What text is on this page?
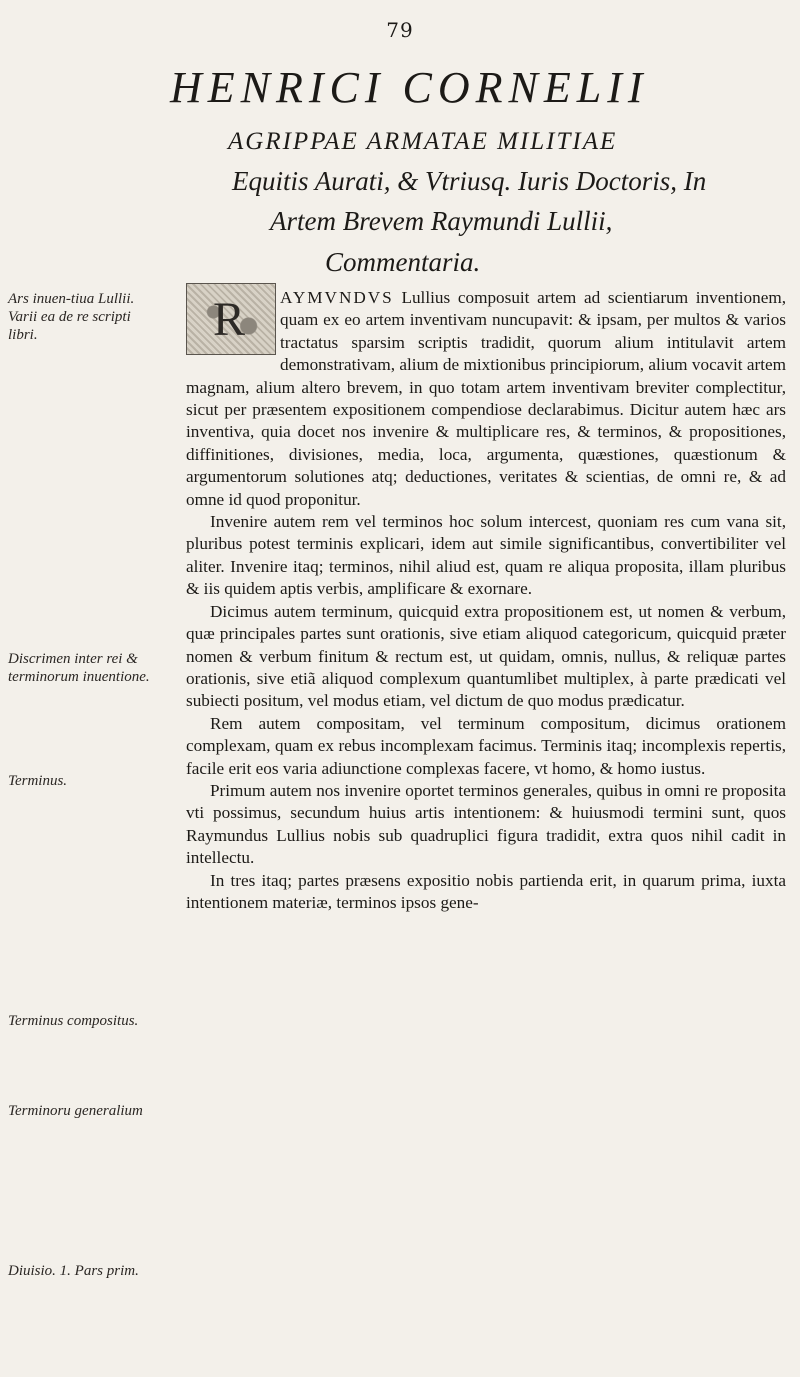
79
HENRICI CORNELII
AGRIPPAE ARMATAE MILITIAE
Equitis Aurati, & Vtriusq. Iuris Doctoris, In
Artem Brevem Raymundi Lullii,
Commentaria.
Ars inuen-tiua Lullii. Varii ea de re scripti libri.
Discrimen inter rei & terminorum inuentione.
Terminus.
Terminus compositus.
Terminoru generalium
Diuisio. 1. Pars prim.

AYMVNDVS Lullius composuit artem ad scientiarum inventionem, quam ex eo artem inventivam nuncupavit: & ipsam, per multos & varios tractatus sparsim scriptis tradidit, quorum alium intitulavit artem demonstrativam, alium de mixtionibus principiorum, alium vocavit artem magnam, alium altero brevem, in quo totam artem inventivam breviter complectitur, sicut per præsentem expositionem compendiose declarabimus. Dicitur autem hæc ars inventiva, quia docet nos invenire & multiplicare res, & terminos, & propositiones, diffinitiones, divisiones, media, loca, argumenta, quæstiones, quæstionum & argumentorum solutiones atq; deductiones, veritates & scientias, de omni re, & ad omne id quod proponitur.

Invenire autem rem vel terminos hoc solum intercest, quoniam res cum vana sit, pluribus potest terminis explicari, idem aut simile significantibus, convertibiliter vel aliter. Invenire itaq; terminos, nihil aliud est, quam re aliqua proposita, illam pluribus & iis quidem aptis verbis, amplificare & exornare.

Dicimus autem terminum, quicquid extra propositionem est, ut nomen & verbum, quæ principales partes sunt orationis, sive etiam aliquod categoricum, quicquid præter nomen & verbum finitum & rectum est, ut quidam, omnis, nullus, & reliquæ partes orationis, sive etiã aliquod complexum quantumlibet multiplex, à parte prædicati vel subiecti positum, vel modus etiam, vel dictum de quo modus prædicatur.

Rem autem compositam, vel terminum compositum, dicimus orationem complexam, quam ex rebus incomplexam facimus. Terminis itaq; incomplexis repertis, facile erit eos varia adiunctione complexas facere, vt homo, & homo iustus.

Primum autem nos invenire oportet terminos generales, quibus in omni re proposita vti possimus, secundum huius artis intentionem: & huiusmodi termini sunt, quos Raymundus Lullius nobis sub quadruplici figura tradidit, extra quos nihil cadit in intellectu.

In tres itaq; partes præsens expositio nobis partienda erit, in quarum prima, iuxta intentionem materiæ, terminos ipsos gene-

R
